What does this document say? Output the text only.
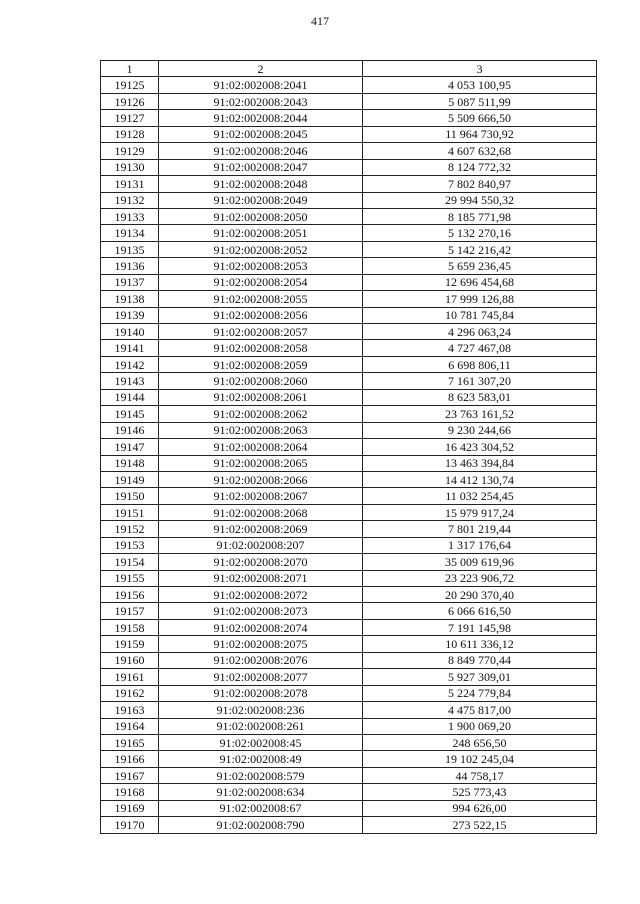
417
1	2	3
19125	91:02:002008:2041	4 053 100,95
19126	91:02:002008:2043	5 087 511,99
19127	91:02:002008:2044	5 509 666,50
19128	91:02:002008:2045	11 964 730,92
19129	91:02:002008:2046	4 607 632,68
19130	91:02:002008:2047	8 124 772,32
19131	91:02:002008:2048	7 802 840,97
19132	91:02:002008:2049	29 994 550,32
19133	91:02:002008:2050	8 185 771,98
19134	91:02:002008:2051	5 132 270,16
19135	91:02:002008:2052	5 142 216,42
19136	91:02:002008:2053	5 659 236,45
19137	91:02:002008:2054	12 696 454,68
19138	91:02:002008:2055	17 999 126,88
19139	91:02:002008:2056	10 781 745,84
19140	91:02:002008:2057	4 296 063,24
19141	91:02:002008:2058	4 727 467,08
19142	91:02:002008:2059	6 698 806,11
19143	91:02:002008:2060	7 161 307,20
19144	91:02:002008:2061	8 623 583,01
19145	91:02:002008:2062	23 763 161,52
19146	91:02:002008:2063	9 230 244,66
19147	91:02:002008:2064	16 423 304,52
19148	91:02:002008:2065	13 463 394,84
19149	91:02:002008:2066	14 412 130,74
19150	91:02:002008:2067	11 032 254,45
19151	91:02:002008:2068	15 979 917,24
19152	91:02:002008:2069	7 801 219,44
19153	91:02:002008:207	1 317 176,64
19154	91:02:002008:2070	35 009 619,96
19155	91:02:002008:2071	23 223 906,72
19156	91:02:002008:2072	20 290 370,40
19157	91:02:002008:2073	6 066 616,50
19158	91:02:002008:2074	7 191 145,98
19159	91:02:002008:2075	10 611 336,12
19160	91:02:002008:2076	8 849 770,44
19161	91:02:002008:2077	5 927 309,01
19162	91:02:002008:2078	5 224 779,84
19163	91:02:002008:236	4 475 817,00
19164	91:02:002008:261	1 900 069,20
19165	91:02:002008:45	248 656,50
19166	91:02:002008:49	19 102 245,04
19167	91:02:002008:579	44 758,17
19168	91:02:002008:634	525 773,43
19169	91:02:002008:67	994 626,00
19170	91:02:002008:790	273 522,15
